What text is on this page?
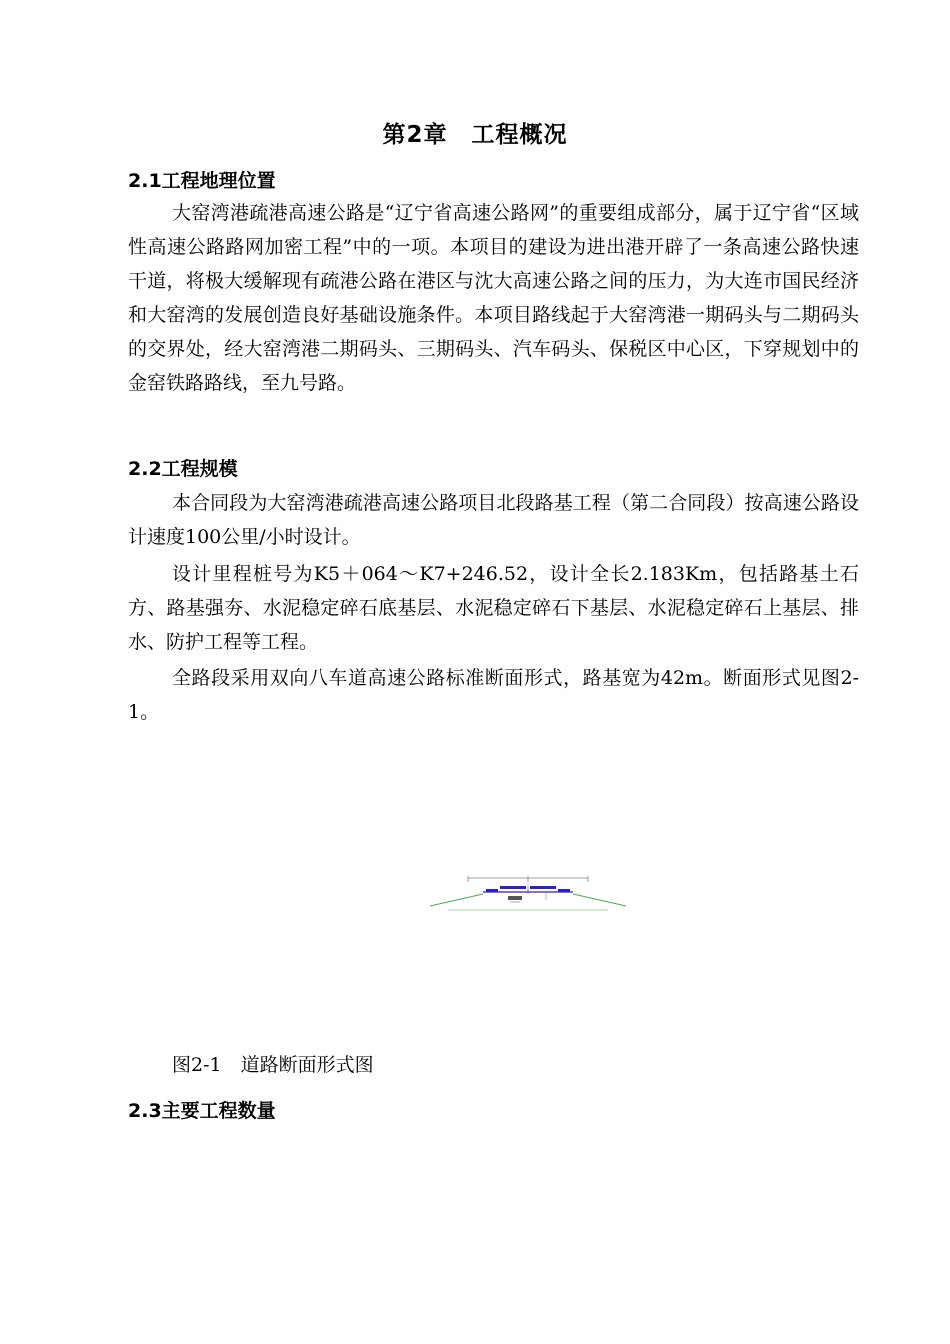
第2章　工程概况
2.1工程地理位置

大窑湾港疏港高速公路是“辽宁省高速公路网”的重要组成部分，属于辽宁省“区域性高速公路路网加密工程”中的一项。本项目的建设为进出港开辟了一条高速公路快速干道，将极大缓解现有疏港公路在港区与沈大高速公路之间的压力，为大连市国民经济和大窑湾的发展创造良好基础设施条件。本项目路线起于大窑湾港一期码头与二期码头的交界处，经大窑湾港二期码头、三期码头、汽车码头、保税区中心区，下穿规划中的金窑铁路路线，至九号路。

2.2工程规模

本合同段为大窑湾港疏港高速公路项目北段路基工程（第二合同段）按高速公路设计速度100公里/小时设计。

设计里程桩号为K5＋064～K7+246.52，设计全长2.183Km，包括路基土石方、路基强夯、水泥稳定碎石底基层、水泥稳定碎石下基层、水泥稳定碎石上基层、排水、防护工程等工程。

全路段采用双向八车道高速公路标准断面形式，路基宽为42m。断面形式见图2-1。

图2-1　道路断面形式图
2.3主要工程数量
